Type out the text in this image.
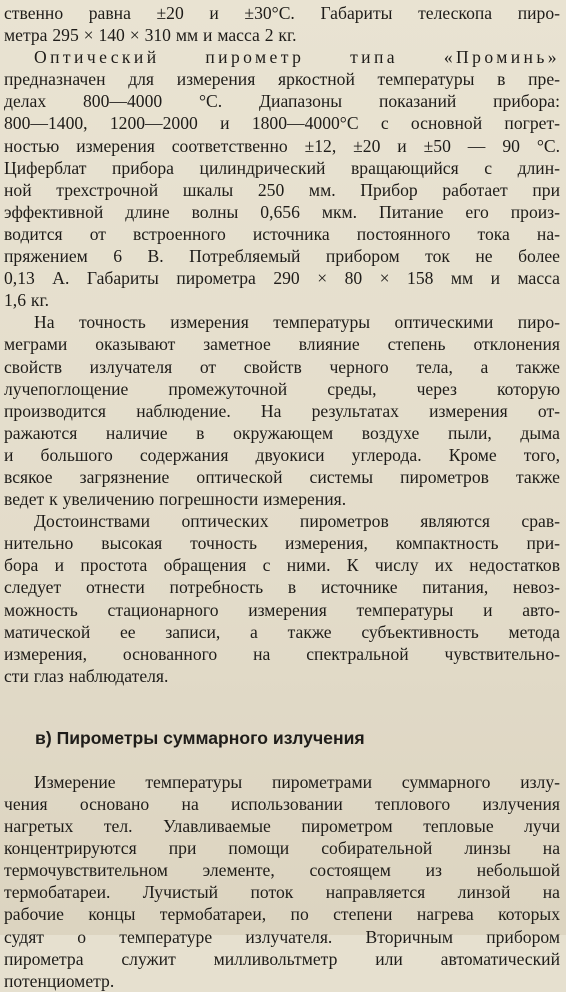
ственно равна ±20 и ±30°С. Габариты телескопа пиро-
метра 295 × 140 × 310 мм и масса 2 кг.

Оптический пирометр типа «Проминь»
предназначен для измерения яркостной температуры в пре-
делах 800—4000 °С. Диапазоны показаний прибора:
800—1400, 1200—2000 и 1800—4000°С с основной погрет-
ностью измерения соответственно ±12, ±20 и ±50 — 90 °С.
Циферблат прибора цилиндрический вращающийся с длин-
ной трехстрочной шкалы 250 мм. Прибор работает при
эффективной длине волны 0,656 мкм. Питание его произ-
водится от встроенного источника постоянного тока на-
пряжением 6 В. Потребляемый прибором ток не более
0,13 А. Габариты пирометра 290 × 80 × 158 мм и масса
1,6 кг.

На точность измерения температуры оптическими пиро-
меграми оказывают заметное влияние степень отклонения
свойств излучателя от свойств черного тела, а также
лучепоглощение промежуточной среды, через которую
производится наблюдение. На результатах измерения от-
ражаются наличие в окружающем воздухе пыли, дыма
и большого содержания двуокиси углерода. Кроме того,
всякое загрязнение оптической системы пирометров также
ведет к увеличению погрешности измерения.

Достоинствами оптических пирометров являются срав-
нительно высокая точность измерения, компактность при-
бора и простота обращения с ними. К числу их недостатков
следует отнести потребность в источнике питания, невоз-
можность стационарного измерения температуры и авто-
матической ее записи, а также субъективность метода
измерения, основанного на спектральной чувствительно-
сти глаз наблюдателя.

в) Пирометры суммарного излучения

Измерение температуры пирометрами суммарного излу-
чения основано на использовании теплового излучения
нагретых тел. Улавливаемые пирометром тепловые лучи
концентрируются при помощи собирательной линзы на
термочувствительном элементе, состоящем из небольшой
термобатареи. Лучистый поток направляется линзой на
рабочие концы термобатареи, по степени нагрева которых
судят о температуре излучателя. Вторичным прибором
пирометра служит милливольтметр или автоматический
потенциометр.
